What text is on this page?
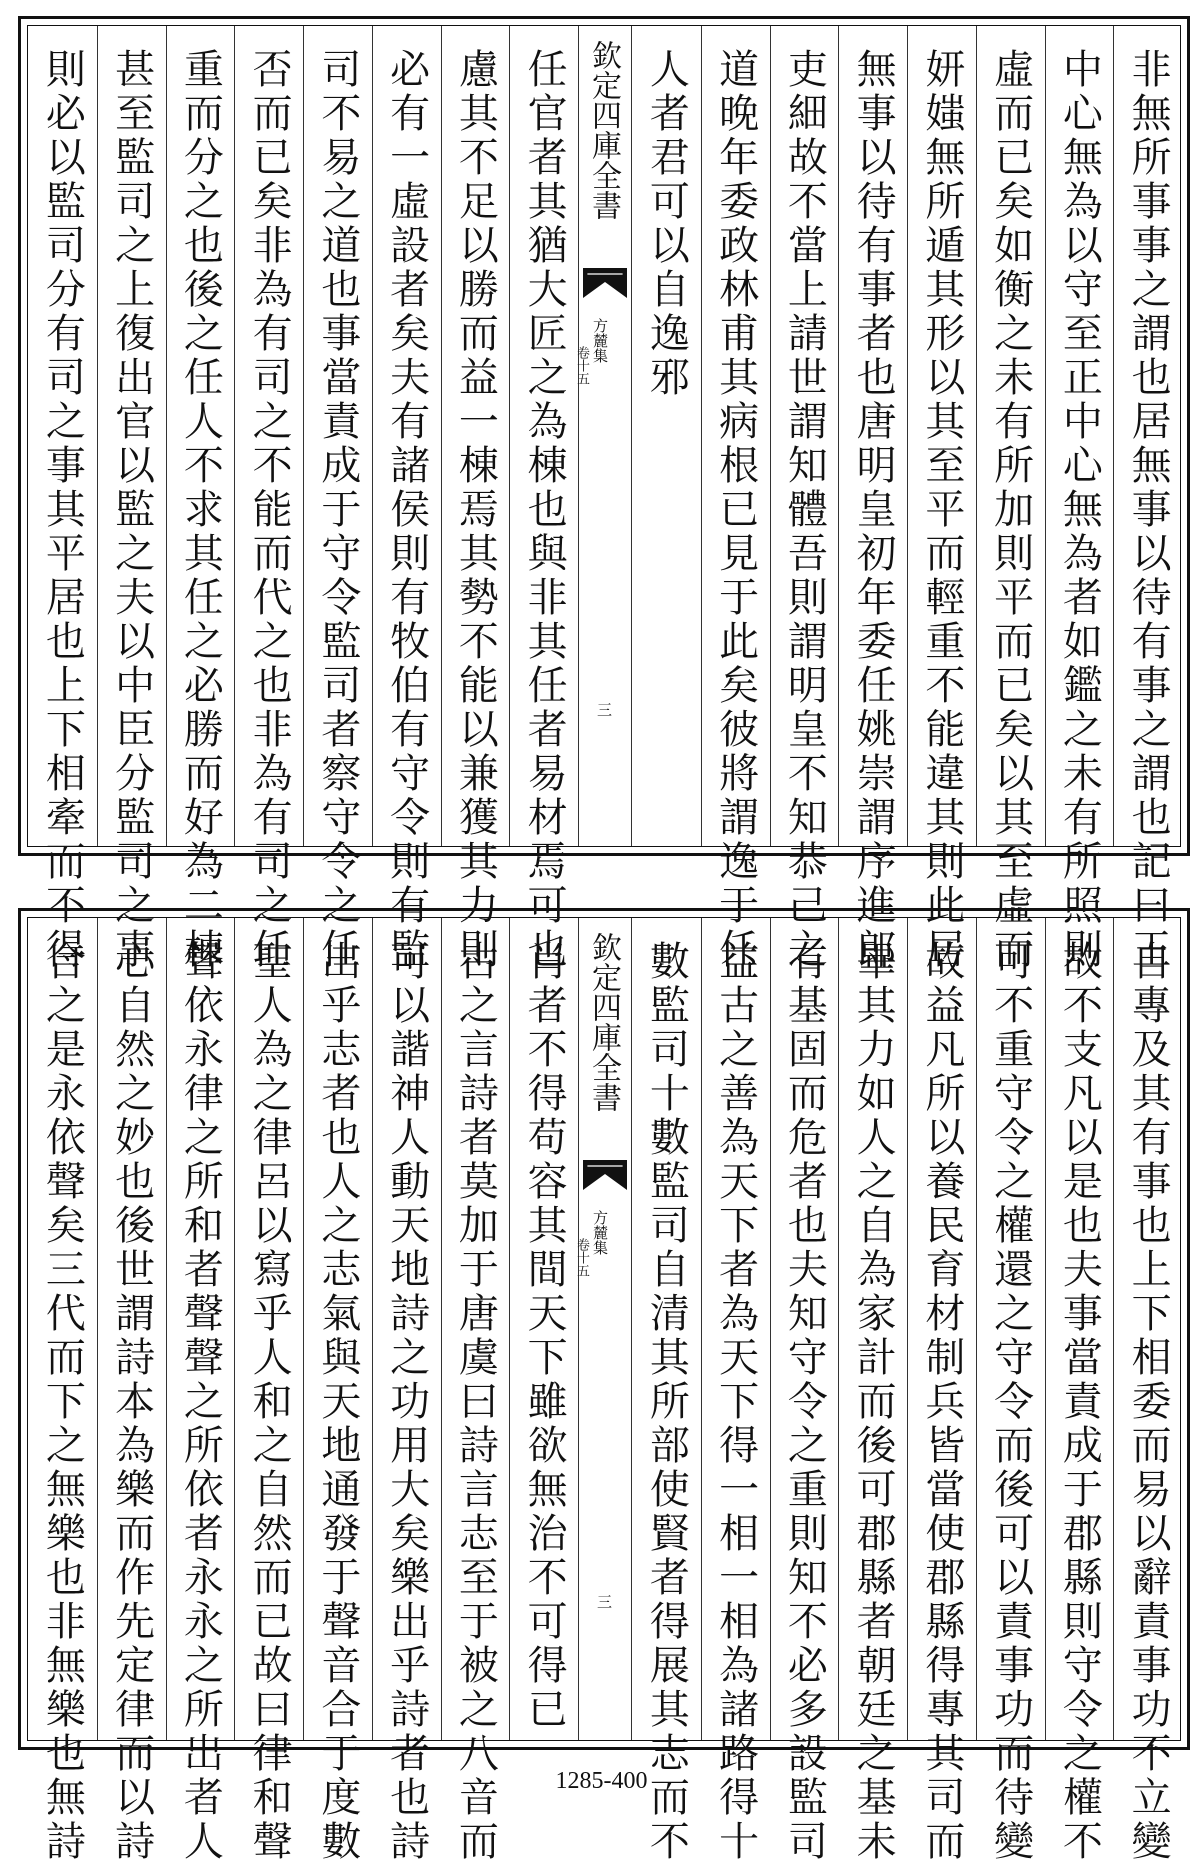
則必以監司分有司之事其平居也上下相牽而不得 甚至監司之上復出官以監之夫以中臣分監司之事 重而分之也後之任人不求其任之必勝而好為二棟 否而已矣非為有司之不能而代之也非為有司之任 司不易之道也事當責成于守令監司者察守令之任 必有一虛設者矣夫有諸侯則有牧伯有守令則有監 慮其不足以勝而益一棟焉其勢不能以兼獲其力則 任官者其猶大匠之為棟也與非其任者易材焉可也 欽定四庫全書
方麓集
卷十五
三
人者君可以自逸邪 道晚年委政林甫其病根已見于此矣彼將謂逸于任 吏細故不當上請世謂知體吾則謂明皇不知恭己之 無事以待有事者也唐明皇初年委任姚崇謂序進郎 妍媸無所遁其形以其至平而輕重不能違其則此居 虛而已矣如衡之未有所加則平而已矣以其至虛而 中心無為以守至正中心無為者如鑑之未有所照則 非無所事事之謂也居無事以待有事之謂也記曰王
合之是永依聲矣三代而下之無樂也非無樂也無詩 心自然之妙也後世謂詩本為樂而作先定律而以詩 聲依永律之所和者聲聲之所依者永永之所出者人 聖人為之律呂以寫乎人和之自然而已故曰律和聲 出乎志者也人之志氣與天地通發于聲音合于度數 可以諧神人動天地詩之功用大矣樂出乎詩者也詩 古之言詩者莫加于唐虞曰詩言志至于被之八音而 肖者不得苟容其間天下雖欲無治不可得已 欽定四庫全書
方麓集
卷十五
三 數監司十數監司自清其所部使賢者得展其志而不 益古之善為天下者為天下得一相一相為諸路得十 有基固而危者也夫知守令之重則知不必多設監司 畢其力如人之自為家計而後可郡縣者朝廷之基未 故益凡所以養民育材制兵皆當使郡縣得專其司而 可不重守令之權還之守令而後可以責事功而待變 故不支凡以是也夫事當責成于郡縣則守令之權不 自專及其有事也上下相委而易以辭責事功不立變
1285-400
